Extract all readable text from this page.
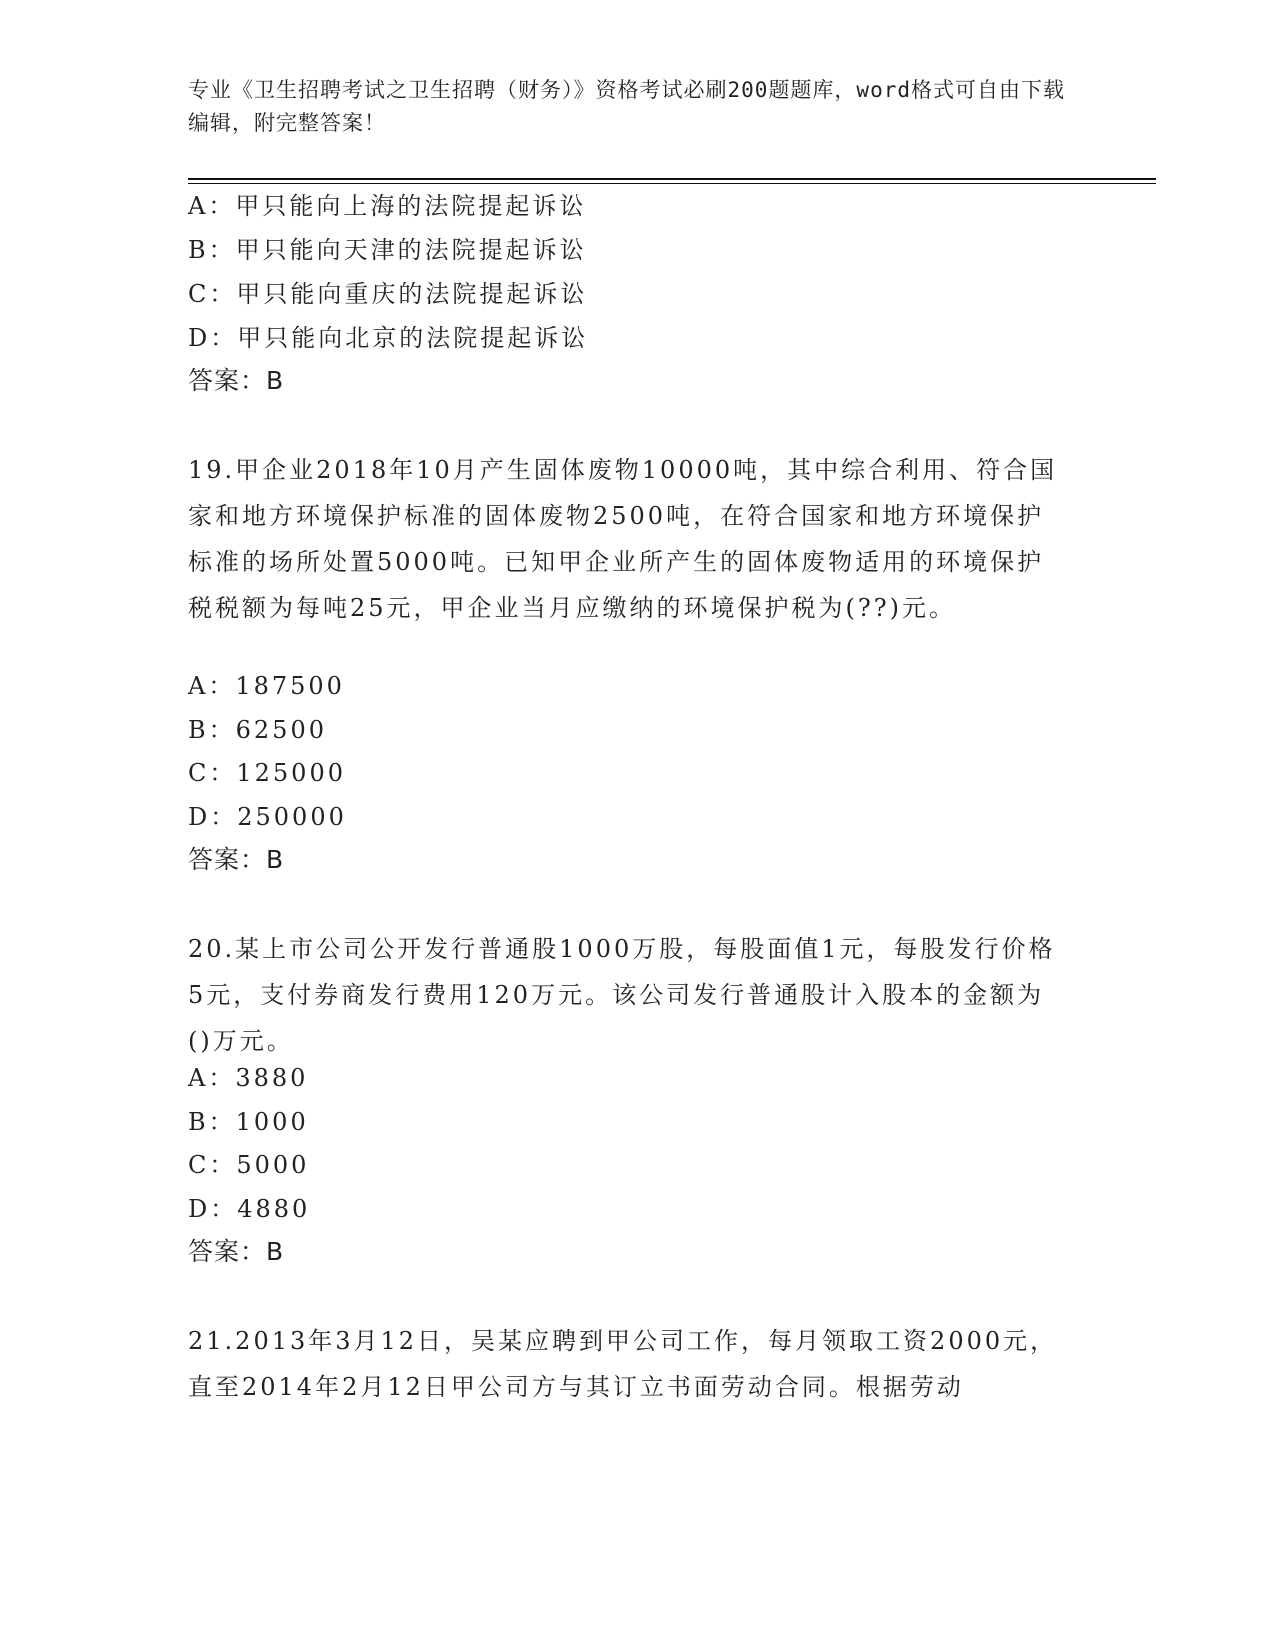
专业《卫生招聘考试之卫生招聘（财务）》资格考试必刷200题题库，word格式可自由下载编辑，附完整答案！
A：甲只能向上海的法院提起诉讼
B：甲只能向天津的法院提起诉讼
C：甲只能向重庆的法院提起诉讼
D：甲只能向北京的法院提起诉讼
答案：B
19.甲企业2018年10月产生固体废物10000吨，其中综合利用、符合国家和地方环境保护标准的固体废物2500吨，在符合国家和地方环境保护标准的场所处置5000吨。已知甲企业所产生的固体废物适用的环境保护税税额为每吨25元，甲企业当月应缴纳的环境保护税为(??)元。
A：187500
B：62500
C：125000
D：250000
答案：B
20.某上市公司公开发行普通股1000万股，每股面值1元，每股发行价格5元，支付券商发行费用120万元。该公司发行普通股计入股本的金额为()万元。
A：3880
B：1000
C：5000
D：4880
答案：B
21.2013年3月12日，吴某应聘到甲公司工作，每月领取工资2000元，直至2014年2月12日甲公司方与其订立书面劳动合同。根据劳动
